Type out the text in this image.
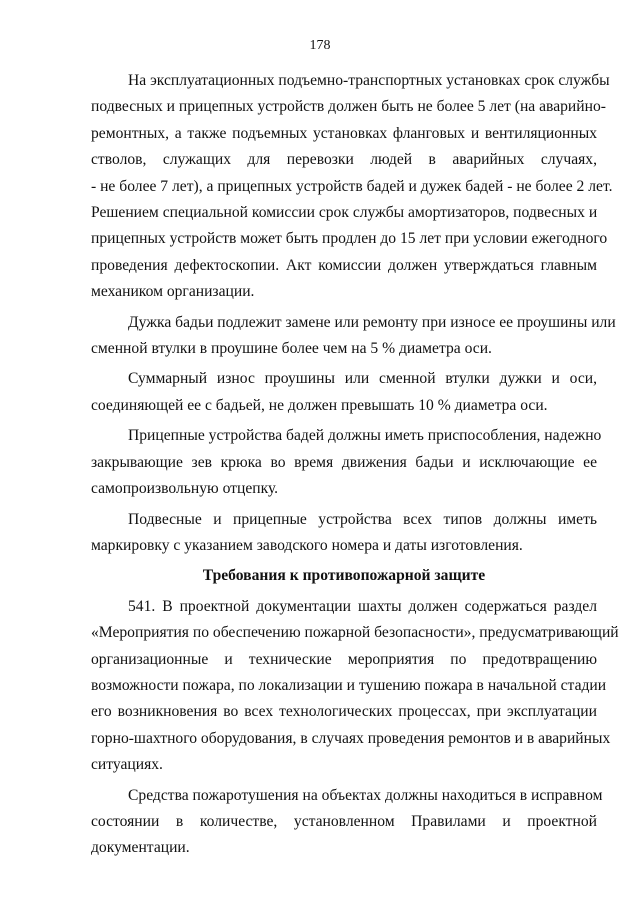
178
На эксплуатационных подъемно-транспортных установках срок службы
подвесных и прицепных устройств должен быть не более 5 лет (на аварийно-
ремонтных, а также подъемных установках фланговых и вентиляционных
стволов, служащих для перевозки людей в аварийных случаях,
- не более 7 лет), а прицепных устройств бадей и дужек бадей - не более 2 лет.
Решением специальной комиссии срок службы амортизаторов, подвесных и
прицепных устройств может быть продлен до 15 лет при условии ежегодного
проведения дефектоскопии. Акт комиссии должен утверждаться главным
механиком организации.
Дужка бадьи подлежит замене или ремонту при износе ее проушины или
сменной втулки в проушине более чем на 5 % диаметра оси.
Суммарный износ проушины или сменной втулки дужки и оси,
соединяющей ее с бадьей, не должен превышать 10 % диаметра оси.
Прицепные устройства бадей должны иметь приспособления, надежно
закрывающие зев крюка во время движения бадьи и исключающие ее
самопроизвольную отцепку.
Подвесные и прицепные устройства всех типов должны иметь
маркировку с указанием заводского номера и даты изготовления.
Требования к противопожарной защите
541. В проектной документации шахты должен содержаться раздел
«Мероприятия по обеспечению пожарной безопасности», предусматривающий
организационные и технические мероприятия по предотвращению
возможности пожара, по локализации и тушению пожара в начальной стадии
его возникновения во всех технологических процессах, при эксплуатации
горно-шахтного оборудования, в случаях проведения ремонтов и в аварийных
ситуациях.
Средства пожаротушения на объектах должны находиться в исправном
состоянии в количестве, установленном Правилами и проектной
документации.
